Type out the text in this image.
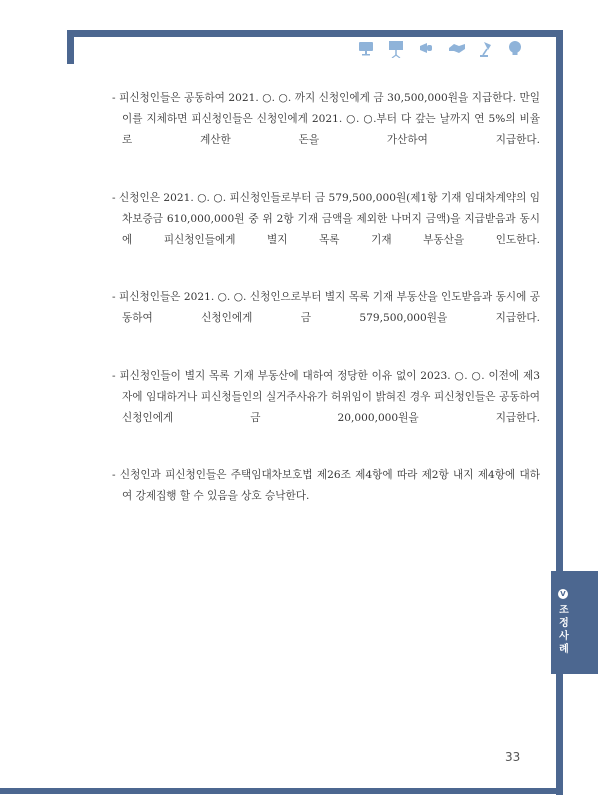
- 피신청인들은 공동하여 2021. ○. ○. 까지 신청인에게 금 30,500,000원을 지급한다. 만일 이를 지체하면 피신청인들은 신청인에게 2021. ○. ○.부터 다 갚는 날까지 연 5%의 비율로 계산한 돈을 가산하여 지급한다.

- 신청인은 2021. ○. ○. 피신청인들로부터 금 579,500,000원(제1항 기재 임대차계약의 임차보증금 610,000,000원 중 위 2항 기재 금액을 제외한 나머지 금액)을 지급받음과 동시에 피신청인들에게 별지 목록 기재 부동산을 인도한다.

- 피신청인들은 2021. ○. ○. 신청인으로부터 별지 목록 기재 부동산을 인도받음과 동시에 공동하여 신청인에게 금 579,500,000원을 지급한다.

- 피신청인들이 별지 목록 기재 부동산에 대하여 정당한 이유 없이 2023. ○. ○. 이전에 제3자에 임대하거나 피신청들인의 실거주사유가 허위임이 밝혀진 경우 피신청인들은 공동하여 신청인에게 금 20,000,000원을 지급한다.

- 신청인과 피신청인들은 주택임대차보호법 제26조 제4항에 따라 제2항 내지 제4항에 대하여 강제집행 할 수 있음을 상호 승낙한다.

V
조정사례
33
